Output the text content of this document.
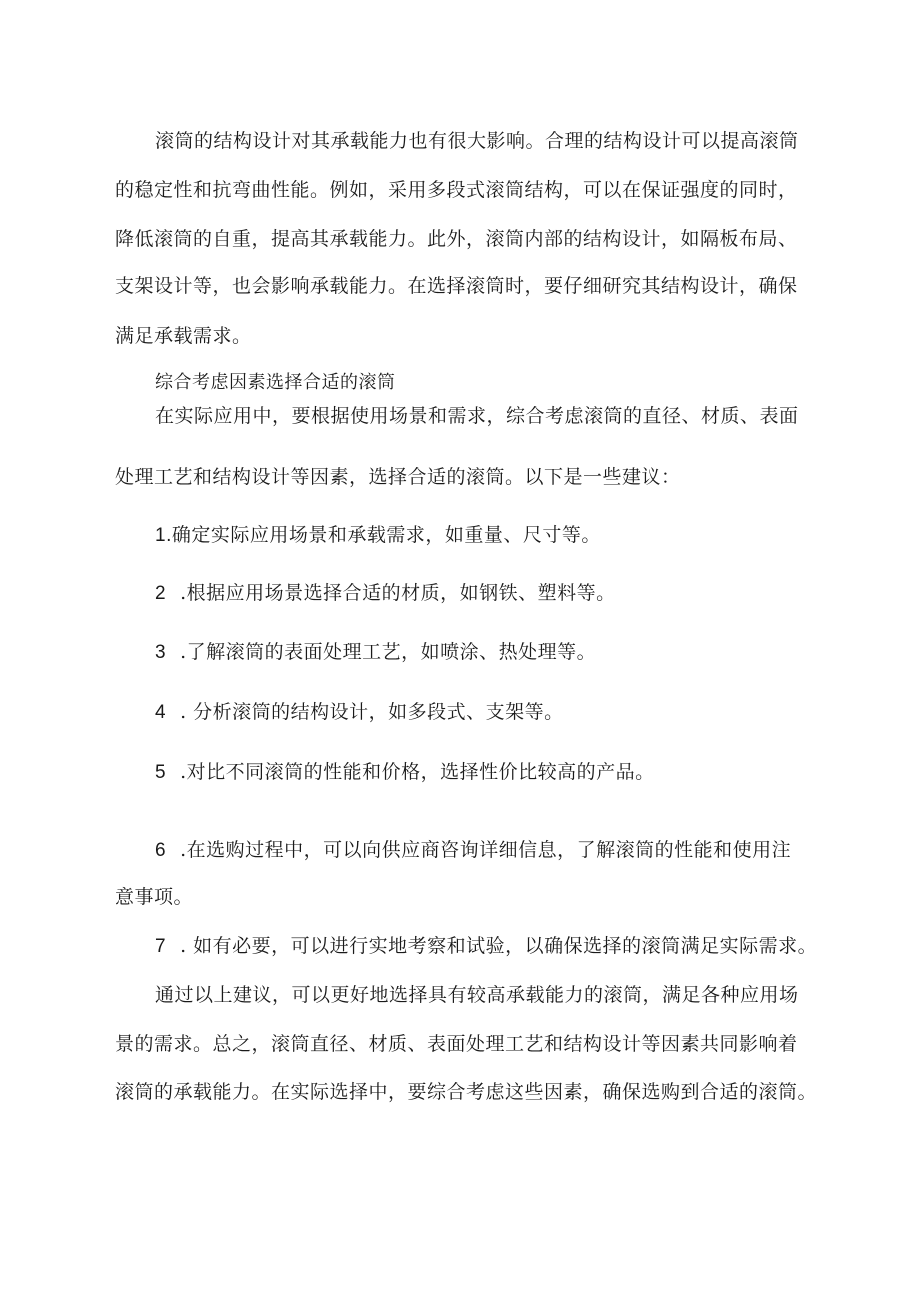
滚筒的结构设计对其承载能力也有很大影响。合理的结构设计可以提高滚筒
的稳定性和抗弯曲性能。例如，采用多段式滚筒结构，可以在保证强度的同时，
降低滚筒的自重，提高其承载能力。此外，滚筒内部的结构设计，如隔板布局、
支架设计等，也会影响承载能力。在选择滚筒时，要仔细研究其结构设计，确保
满足承载需求。
综合考虑因素选择合适的滚筒
在实际应用中，要根据使用场景和需求，综合考虑滚筒的直径、材质、表面
处理工艺和结构设计等因素，选择合适的滚筒。以下是一些建议：
1.确定实际应用场景和承载需求，如重量、尺寸等。
2 .根据应用场景选择合适的材质，如钢铁、塑料等。
3 .了解滚筒的表面处理工艺，如喷涂、热处理等。
4 . 分析滚筒的结构设计，如多段式、支架等。
5 .对比不同滚筒的性能和价格，选择性价比较高的产品。
6 .在选购过程中，可以向供应商咨询详细信息，了解滚筒的性能和使用注
意事项。
7 . 如有必要，可以进行实地考察和试验，以确保选择的滚筒满足实际需求。
通过以上建议，可以更好地选择具有较高承载能力的滚筒，满足各种应用场
景的需求。总之，滚筒直径、材质、表面处理工艺和结构设计等因素共同影响着
滚筒的承载能力。在实际选择中，要综合考虑这些因素，确保选购到合适的滚筒。
